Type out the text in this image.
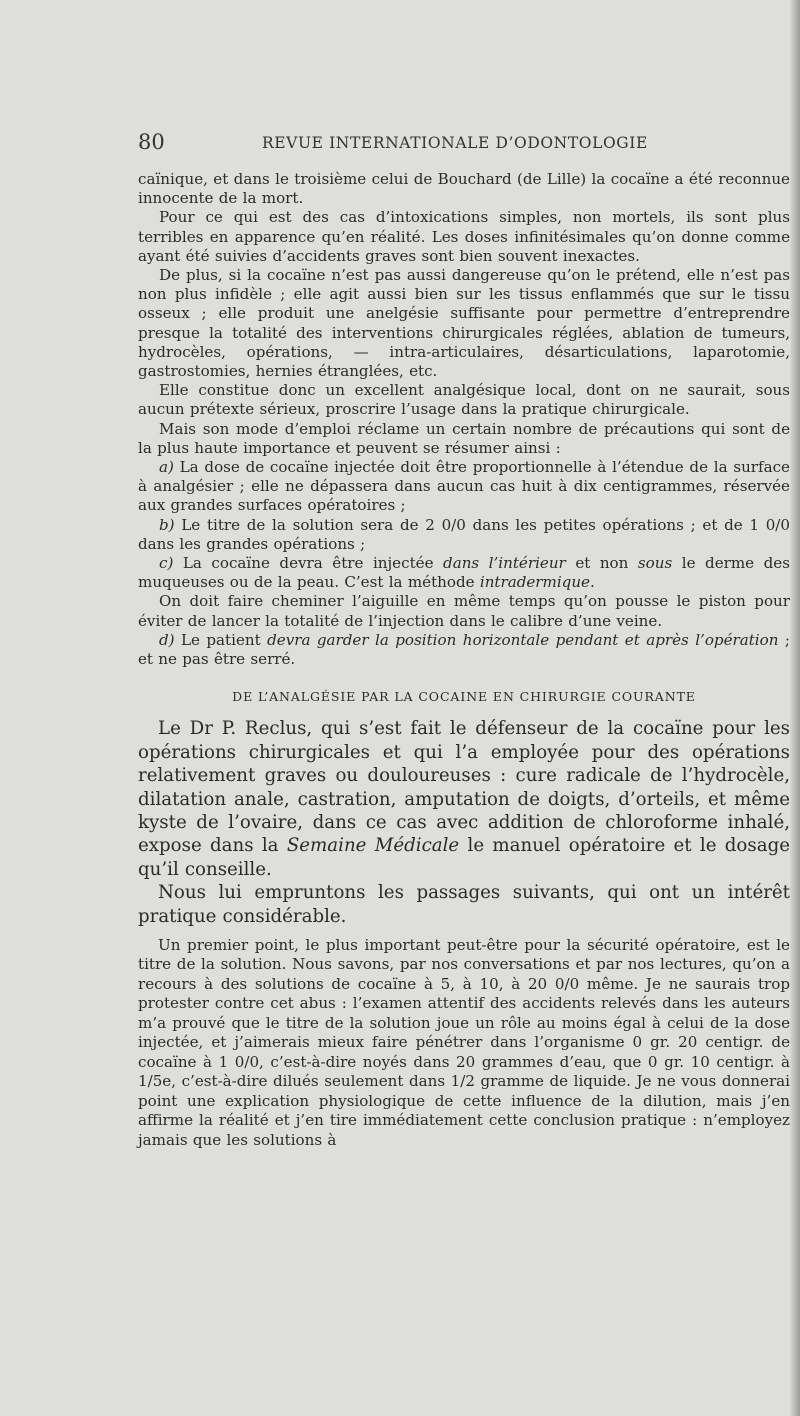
80	REVUE INTERNATIONALE D’ODONTOLOGIE

caïnique, et dans le troisième celui de Bouchard (de Lille) la cocaïne a été reconnue innocente de la mort.

Pour ce qui est des cas d’intoxications simples, non mortels, ils sont plus terribles en apparence qu’en réalité. Les doses infinitésimales qu’on donne comme ayant été suivies d’accidents graves sont bien souvent inexactes.

De plus, si la cocaïne n’est pas aussi dangereuse qu’on le prétend, elle n’est pas non plus infidèle ; elle agit aussi bien sur les tissus enflammés que sur le tissu osseux ; elle produit une anelgésie suffisante pour permettre d’entreprendre presque la totalité des interventions chirurgicales réglées, ablation de tumeurs, hydrocèles, opérations, — intra-articulaires, désarticulations, laparotomie, gastrostomies, hernies étranglées, etc.

Elle constitue donc un excellent analgésique local, dont on ne saurait, sous aucun prétexte sérieux, proscrire l’usage dans la pratique chirurgicale.

Mais son mode d’emploi réclame un certain nombre de précautions qui sont de la plus haute importance et peuvent se résumer ainsi :

a) La dose de cocaïne injectée doit être proportionnelle à l’étendue de la surface à analgésier ; elle ne dépassera dans aucun cas huit à dix centigrammes, réservée aux grandes surfaces opératoires ;

b) Le titre de la solution sera de 2 0/0 dans les petites opérations ; et de 1 0/0 dans les grandes opérations ;

c) La cocaïne devra être injectée dans l’intérieur et non sous le derme des muqueuses ou de la peau. C’est la méthode intradermique.

On doit faire cheminer l’aiguille en même temps qu’on pousse le piston pour éviter de lancer la totalité de l’injection dans le calibre d’une veine.

d) Le patient devra garder la position horizontale pendant et après l’opération ; et ne pas être serré.

DE L’ANALGÉSIE PAR LA COCAINE EN CHIRURGIE COURANTE

Le Dr P. Reclus, qui s’est fait le défenseur de la cocaïne pour les opérations chirurgicales et qui l’a employée pour des opérations relativement graves ou douloureuses : cure radicale de l’hydrocèle, dilatation anale, castration, amputation de doigts, d’orteils, et même kyste de l’ovaire, dans ce cas avec addition de chloroforme inhalé, expose dans la Semaine Médicale le manuel opératoire et le dosage qu’il conseille.

Nous lui empruntons les passages suivants, qui ont un intérêt pratique considérable.

Un premier point, le plus important peut-être pour la sécurité opératoire, est le titre de la solution. Nous savons, par nos conversations et par nos lectures, qu’on a recours à des solutions de cocaïne à 5, à 10, à 20 0/0 même. Je ne saurais trop protester contre cet abus : l’examen attentif des accidents relevés dans les auteurs m’a prouvé que le titre de la solution joue un rôle au moins égal à celui de la dose injectée, et j’aimerais mieux faire pénétrer dans l’organisme 0 gr. 20 centigr. de cocaïne à 1 0/0, c’est-à-dire noyés dans 20 grammes d’eau, que 0 gr. 10 centigr. à 1/5e, c’est-à-dire dilués seulement dans 1/2 gramme de liquide. Je ne vous donnerai point une explication physiologique de cette influence de la dilution, mais j’en affirme la réalité et j’en tire immédiatement cette conclusion pratique : n’employez jamais que les solutions à
